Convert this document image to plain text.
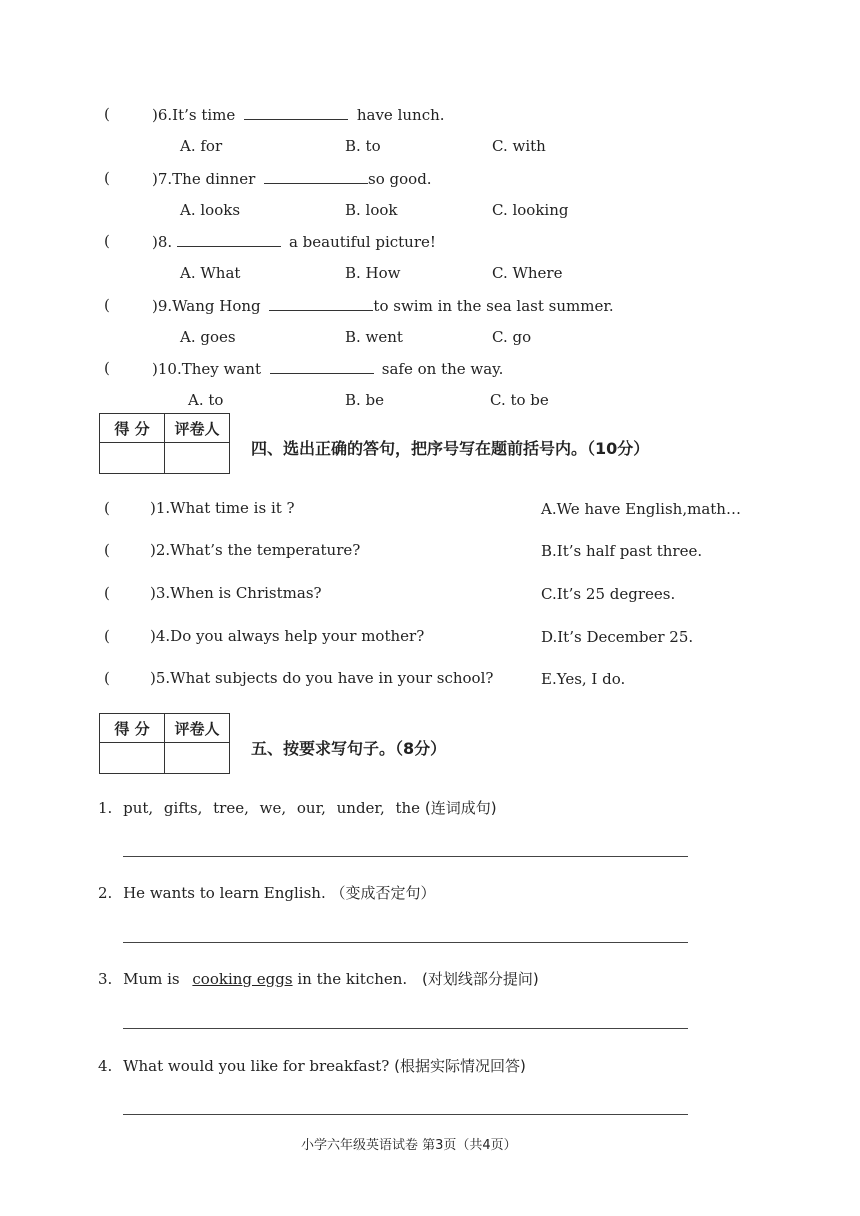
(	)6.It’s time	have lunch.
A. for	B. to	C. with
(	)7.The dinner	so good.
A. looks	B. look	C. looking
(	)8.	a beautiful picture!
A. What	B. How	C. Where
(	)9.Wang Hong	to swim in the sea last summer.
A. goes	B. went	C. go
(	)10.They want	safe on the way.
A. to	B. be	C. to be
得 分	评卷人

四、选出正确的答句，把序号写在题前括号内。（10分）
(	)1.What time is it ?	A.We have English,math…
(	)2.What’s the temperature?	B.It’s half past three.
(	)3.When is Christmas?	C.It’s 25 degrees.
(	)4.Do you always help your mother?	D.It’s December 25.
(	)5.What subjects do you have in your school?	E.Yes, I do.
得 分	评卷人

五、按要求写句子。（8分）
1. put, gifts, tree, we, our, under, the (连词成句)
2. He wants to learn English. （变成否定句）
3. Mum is cooking eggs in the kitchen. (对划线部分提问)
4. What would you like for breakfast? (根据实际情况回答)
小学六年级英语试卷 第3页（共4页）
